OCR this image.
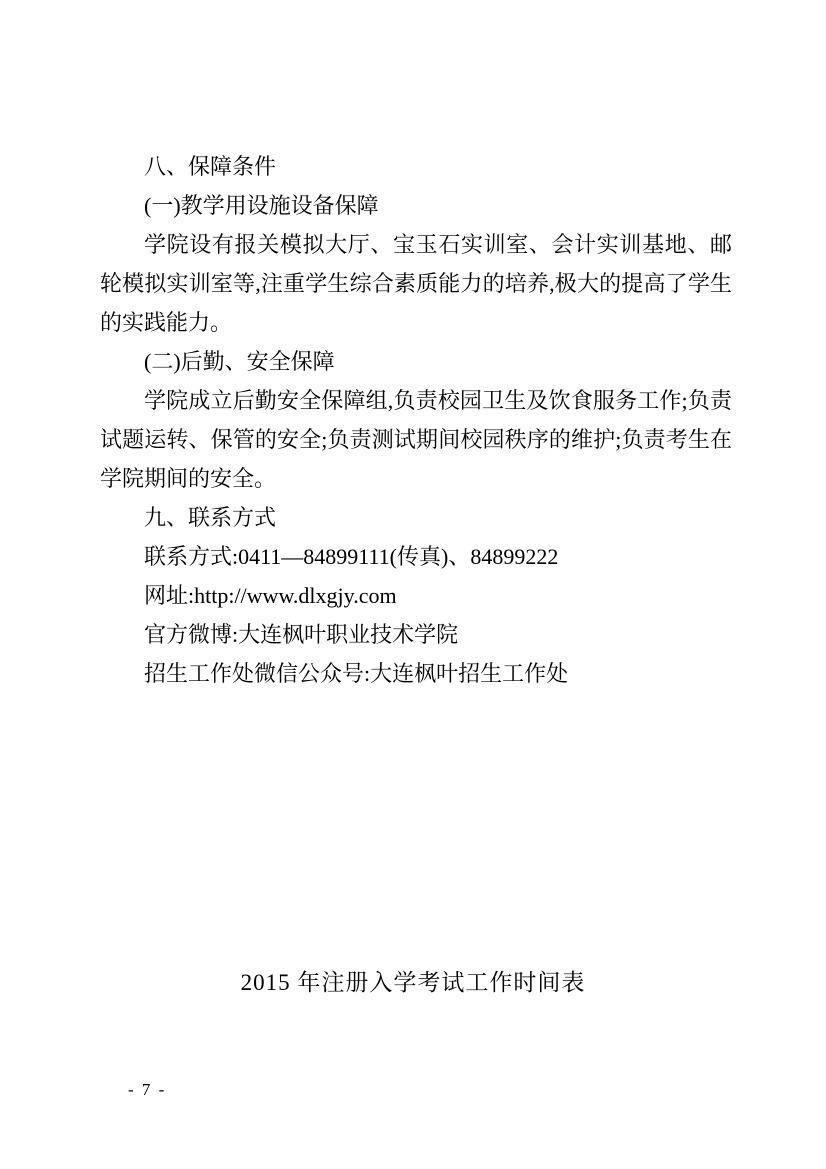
八、保障条件

(一)教学用设施设备保障

学院设有报关模拟大厅、宝玉石实训室、会计实训基地、邮轮模拟实训室等,注重学生综合素质能力的培养,极大的提高了学生的实践能力。

(二)后勤、安全保障

学院成立后勤安全保障组,负责校园卫生及饮食服务工作;负责试题运转、保管的安全;负责测试期间校园秩序的维护;负责考生在学院期间的安全。

九、联系方式

联系方式:0411—84899111(传真)、84899222

网址:http://www.dlxgjy.com

官方微博:大连枫叶职业技术学院

招生工作处微信公众号:大连枫叶招生工作处

2015 年注册入学考试工作时间表
- 7 -
